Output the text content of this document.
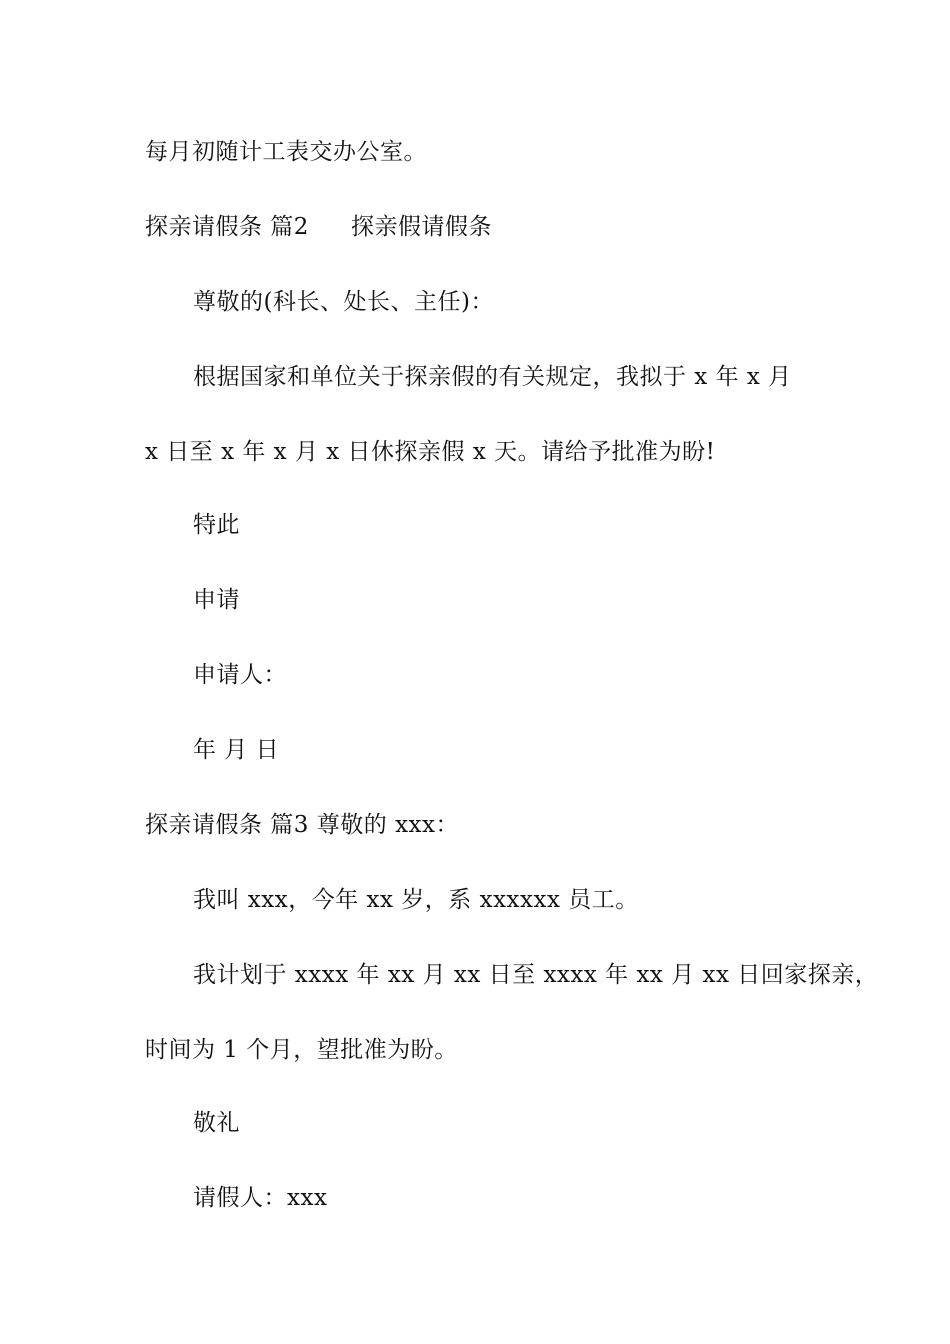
每月初随计工表交办公室。
探亲请假条 篇2 探亲假请假条
尊敬的(科长、处长、主任)：
根据国家和单位关于探亲假的有关规定，我拟于 x 年 x 月
x 日至 x 年 x 月 x 日休探亲假 x 天。请给予批准为盼!
特此
申请
申请人：
年 月 日
探亲请假条 篇3 尊敬的 xxx：
我叫 xxx，今年 xx 岁，系 xxxxxx 员工。
我计划于 xxxx 年 xx 月 xx 日至 xxxx 年 xx 月 xx 日回家探亲，
时间为 1 个月，望批准为盼。
敬礼
请假人：xxx
